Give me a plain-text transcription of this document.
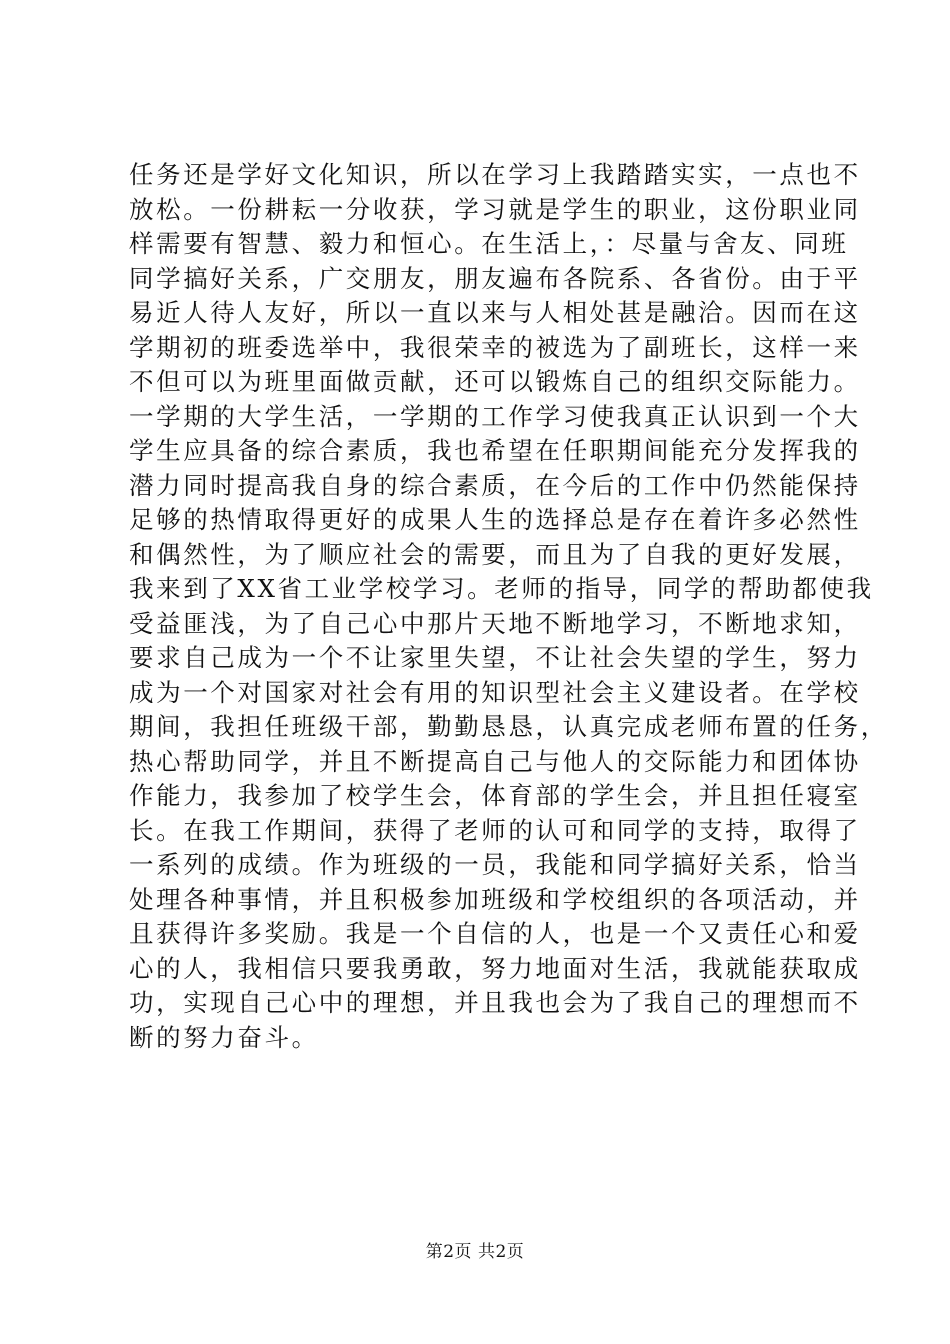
任务还是学好文化知识，所以在学习上我踏踏实实，一点也不
放松。一份耕耘一分收获，学习就是学生的职业，这份职业同
样需要有智慧、毅力和恒心。在生活上，：尽量与舍友、同班
同学搞好关系，广交朋友，朋友遍布各院系、各省份。由于平
易近人待人友好，所以一直以来与人相处甚是融洽。因而在这
学期初的班委选举中，我很荣幸的被选为了副班长，这样一来
不但可以为班里面做贡献，还可以锻炼自己的组织交际能力。
一学期的大学生活，一学期的工作学习使我真正认识到一个大
学生应具备的综合素质，我也希望在任职期间能充分发挥我的
潜力同时提高我自身的综合素质，在今后的工作中仍然能保持
足够的热情取得更好的成果人生的选择总是存在着许多必然性
和偶然性，为了顺应社会的需要，而且为了自我的更好发展，
我来到了XX省工业学校学习。老师的指导，同学的帮助都使我
受益匪浅，为了自己心中那片天地不断地学习，不断地求知，
要求自己成为一个不让家里失望，不让社会失望的学生，努力
成为一个对国家对社会有用的知识型社会主义建设者。在学校
期间，我担任班级干部，勤勤恳恳，认真完成老师布置的任务，
热心帮助同学，并且不断提高自己与他人的交际能力和团体协
作能力，我参加了校学生会，体育部的学生会，并且担任寝室
长。在我工作期间，获得了老师的认可和同学的支持，取得了
一系列的成绩。作为班级的一员，我能和同学搞好关系，恰当
处理各种事情，并且积极参加班级和学校组织的各项活动，并
且获得许多奖励。我是一个自信的人，也是一个又责任心和爱
心的人，我相信只要我勇敢，努力地面对生活，我就能获取成
功，实现自己心中的理想，并且我也会为了我自己的理想而不
断的努力奋斗。
第2页 共2页
